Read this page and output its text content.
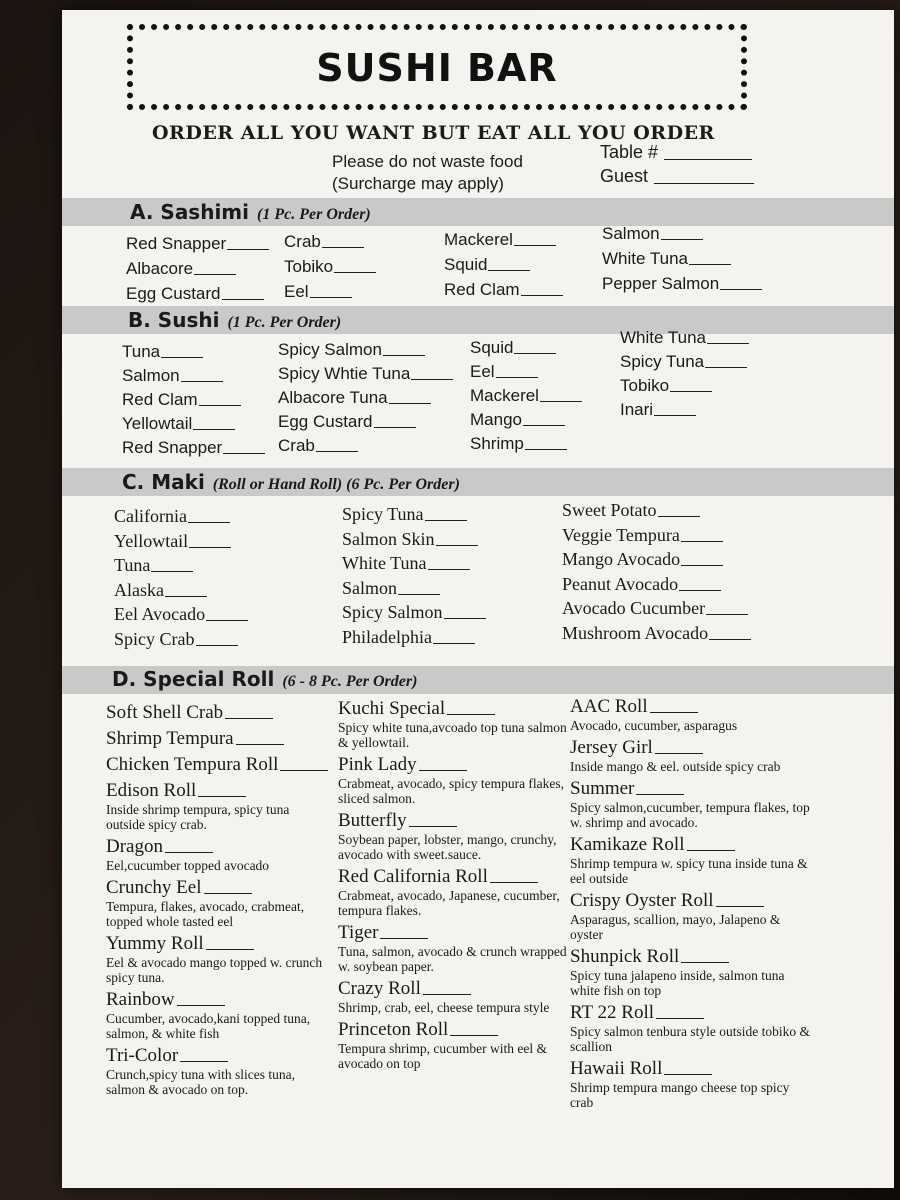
SUSHI BAR
ORDER ALL YOU WANT BUT EAT ALL YOU ORDER
Please do not waste food
(Surcharge may apply)
Table #
Guest
A. Sashimi (1 Pc. Per Order)
Red Snapper
Albacore
Egg Custard
Crab
Tobiko
Eel
Mackerel
Squid
Red Clam
Salmon
White Tuna
Pepper Salmon
B. Sushi (1 Pc. Per Order)
Tuna
Salmon
Red Clam
Yellowtail
Red Snapper
Spicy Salmon
Spicy Whtie Tuna
Albacore Tuna
Egg Custard
Crab
Squid
Eel
Mackerel
Mango
Shrimp
White Tuna
Spicy Tuna
Tobiko
Inari
C. Maki (Roll or Hand Roll) (6 Pc. Per Order)
California
Yellowtail
Tuna
Alaska
Eel Avocado
Spicy Crab
Spicy Tuna
Salmon Skin
White Tuna
Salmon
Spicy Salmon
Philadelphia
Sweet Potato
Veggie Tempura
Mango Avocado
Peanut Avocado
Avocado Cucumber
Mushroom Avocado
D. Special Roll (6 - 8 Pc. Per Order)
Soft Shell Crab
Shrimp Tempura
Chicken Tempura Roll
Edison Roll
Inside shrimp tempura, spicy tuna outside spicy crab.
Dragon
Eel,cucumber topped avocado
Crunchy Eel
Tempura, flakes, avocado, crabmeat, topped whole tasted eel
Yummy Roll
Eel & avocado mango topped w. crunch spicy tuna.
Rainbow
Cucumber, avocado,kani topped tuna, salmon, & white fish
Tri-Color
Crunch,spicy tuna with slices tuna, salmon & avocado on top.
Kuchi Special
Spicy white tuna,avcoado top tuna salmon & yellowtail.
Pink Lady
Crabmeat, avocado, spicy tempura flakes, sliced salmon.
Butterfly
Soybean paper, lobster, mango, crunchy, avocado with sweet.sauce.
Red California Roll
Crabmeat, avocado, Japanese, cucumber, tempura flakes.
Tiger
Tuna, salmon, avocado & crunch wrapped w. soybean paper.
Crazy Roll
Shrimp, crab, eel, cheese tempura style
Princeton Roll
Tempura shrimp, cucumber with eel & avocado on top
AAC Roll
Avocado, cucumber, asparagus
Jersey Girl
Inside mango & eel. outside spicy crab
Summer
Spicy salmon,cucumber, tempura flakes, top w. shrimp and avocado.
Kamikaze Roll
Shrimp tempura w. spicy tuna inside tuna & eel outside
Crispy Oyster Roll
Asparagus, scallion, mayo, Jalapeno & oyster
Shunpick Roll
Spicy tuna jalapeno inside, salmon tuna white fish on top
RT 22 Roll
Spicy salmon tenbura style outside tobiko & scallion
Hawaii Roll
Shrimp tempura mango cheese top spicy crab
